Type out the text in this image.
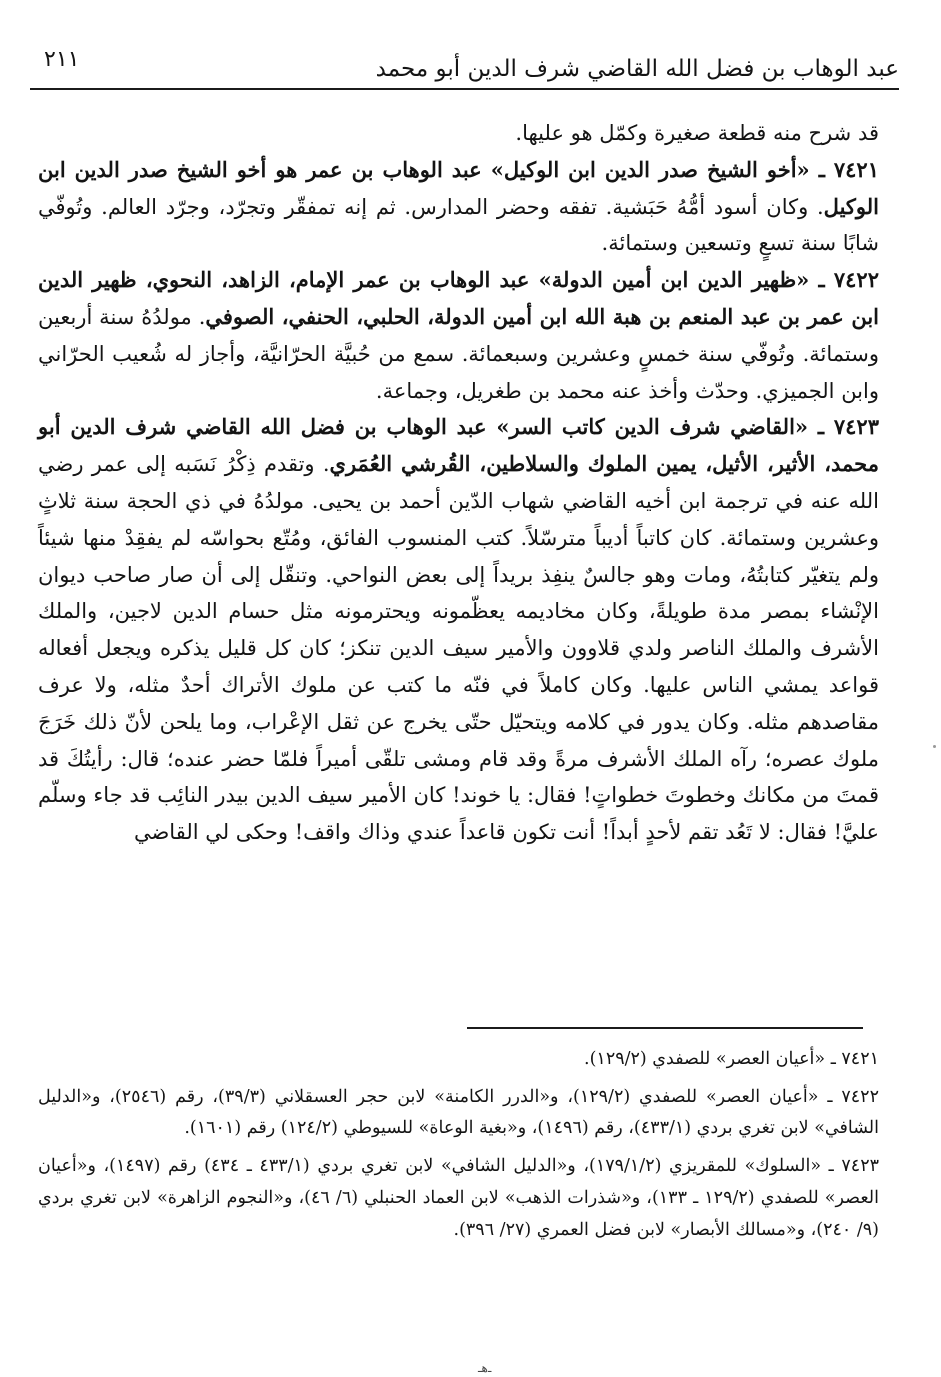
عبد الوهاب بن فضل الله القاضي شرف الدين أبو محمد
٢١١

قد شرح منه قطعة صغيرة وكمّل هو عليها.

٧٤٢١ ـ «أخو الشيخ صدر الدين ابن الوكيل» عبد الوهاب بن عمر هو أخو الشيخ صدر الدين ابن الوكيل. وكان أسود أمُّهُ حَبَشية. تفقه وحضر المدارس. ثم إنه تمفقّر وتجرّد، وجرّد العالم. وتُوفّي شابًا سنة تسعٍ وتسعين وستمائة.

٧٤٢٢ ـ «ظهير الدين ابن أمين الدولة» عبد الوهاب بن عمر الإمام، الزاهد، النحوي، ظهير الدين ابن عمر بن عبد المنعم بن هبة الله ابن أمين الدولة، الحلبي، الحنفي، الصوفي. مولدُهُ سنة أربعين وستمائة. وتُوفّي سنة خمسٍ وعشرين وسبعمائة. سمع من حُبيَّة الحرّانيَّة، وأجاز له شُعيب الحرّاني وابن الجميزي. وحدّث وأخذ عنه محمد بن طغريل، وجماعة.

٧٤٢٣ ـ «القاضي شرف الدين كاتب السر» عبد الوهاب بن فضل الله القاضي شرف الدين أبو محمد، الأثير، الأثيل، يمين الملوك والسلاطين، القُرشي العُمَري. وتقدم ذِكْرُ نَسَبه إلى عمر رضي الله عنه في ترجمة ابن أخيه القاضي شهاب الدّين أحمد بن يحيى. مولدُهُ في ذي الحجة سنة ثلاثٍ وعشرين وستمائة. كان كاتباً أديباً مترسّلاً. كتب المنسوب الفائق، ومُتّع بحواسّه لم يفقِدْ منها شيئاً ولم يتغيّر كتابتُهُ، ومات وهو جالسٌ ينفِذ بريداً إلى بعض النواحي. وتنقّل إلى أن صار صاحب ديوان الإنْشاء بمصر مدة طويلةً، وكان مخاديمه يعظّمونه ويحترمونه مثل حسام الدين لاجين، والملك الأشرف والملك الناصر ولدي قلاوون والأمير سيف الدين تنكز؛ كان كل قليل يذكره ويجعل أفعاله قواعد يمشي الناس عليها. وكان كاملاً في فنّه ما كتب عن ملوك الأتراك أحدٌ مثله، ولا عرف مقاصدهم مثله. وكان يدور في كلامه ويتحيّل حتّى يخرج عن ثقل الإعْراب، وما يلحن لأنّ ذلك خَرَجَ ملوك عصره؛ رآه الملك الأشرف مرةً وقد قام ومشى تلقّى أميراً فلمّا حضر عنده؛ قال: رأيتُكَ قد قمتَ من مكانك وخطوتَ خطواتٍ! فقال: يا خوند! كان الأمير سيف الدين بيدر النائِب قد جاء وسلّم عليَّ! فقال: لا تَعُد تقم لأحدٍ أبداً! أنت تكون قاعداً عندي وذاك واقف! وحكى لي القاضي

٧٤٢١ ـ «أعيان العصر» للصفدي (١٢٩/٢).

٧٤٢٢ ـ «أعيان العصر» للصفدي (١٢٩/٢)، و«الدرر الكامنة» لابن حجر العسقلاني (٣٩/٣)، رقم (٢٥٤٦)، و«الدليل الشافي» لابن تغري بردي (٤٣٣/١)، رقم (١٤٩٦)، و«بغية الوعاة» للسيوطي (١٢٤/٢) رقم (١٦٠١).

٧٤٢٣ ـ «السلوك» للمقريزي (١٧٩/١/٢)، و«الدليل الشافي» لابن تغري بردي (٤٣٣/١ ـ ٤٣٤) رقم (١٤٩٧)، و«أعيان العصر» للصفدي (١٢٩/٢ ـ ١٣٣)، و«شذرات الذهب» لابن العماد الحنبلي (٦/ ٤٦)، و«النجوم الزاهرة» لابن تغري بردي (٩/ ٢٤٠)، و«مسالك الأبصار» لابن فضل العمري (٢٧/ ٣٩٦).

ـﮬـ
